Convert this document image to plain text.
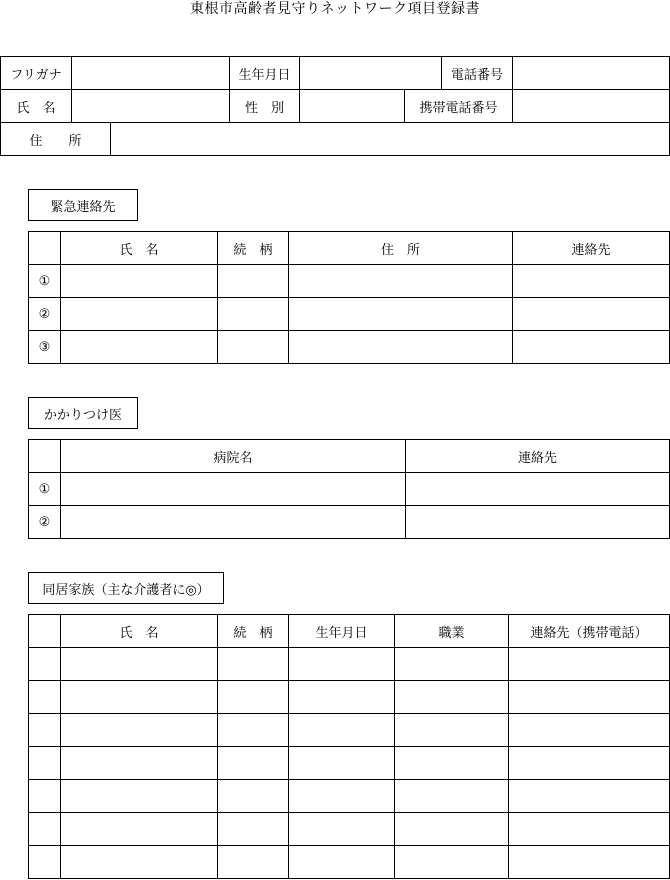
東根市高齢者見守りネットワーク項目登録書
フリガナ			生年月日			電話番号	
氏　名			性　別		携帯電話番号		
住　　所							
緊急連絡先
	氏　名	続　柄	住　所	連絡先
①				
②				
③				
かかりつけ医
	病院名	連絡先
①		
②		
同居家族（主な介護者に◎）
	氏　名	続　柄	生年月日	職業	連絡先（携帯電話）
